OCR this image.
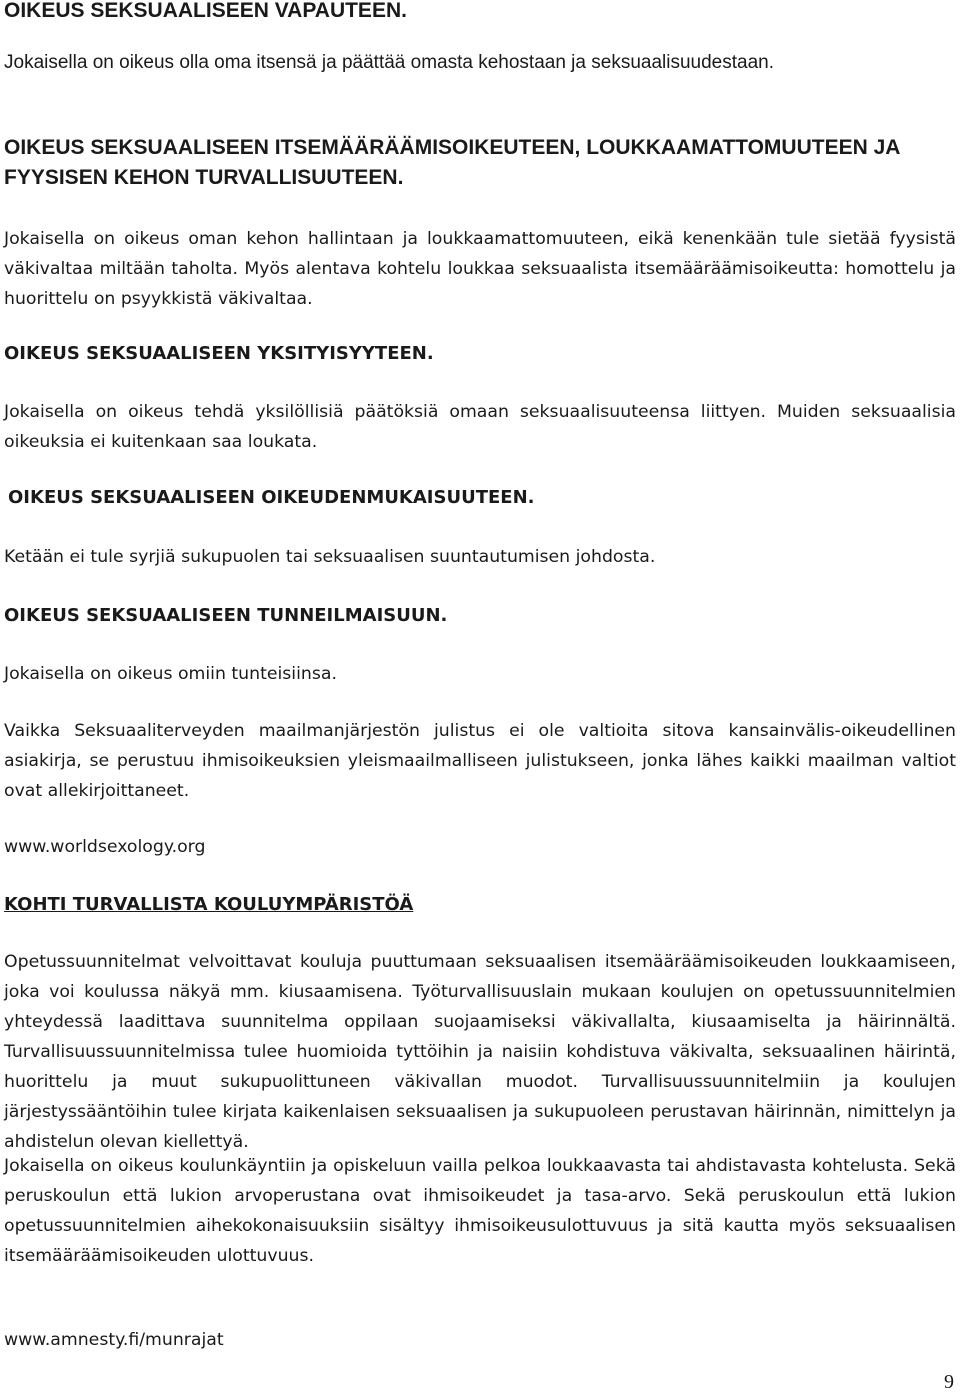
OIKEUS SEKSUAALISEEN VAPAUTEEN.

Jokaisella on oikeus olla oma itsensä ja päättää omasta kehostaan ja seksuaalisuudestaan.

OIKEUS SEKSUAALISEEN ITSEMÄÄRÄÄMISOIKEUTEEN, LOUKKAAMATTOMUUTEEN JA FYYSISEN KEHON TURVALLISUUTEEN.

Jokaisella on oikeus oman kehon hallintaan ja loukkaamattomuuteen, eikä kenenkään tule sietää fyysistä väkivaltaa miltään taholta. Myös alentava kohtelu loukkaa seksuaalista itsemääräämisoikeutta: homottelu ja huorittelu on psyykkistä väkivaltaa.

OIKEUS SEKSUAALISEEN YKSITYISYYTEEN.

Jokaisella on oikeus tehdä yksilöllisiä päätöksiä omaan seksuaalisuuteensa liittyen. Muiden seksuaalisia oikeuksia ei kuitenkaan saa loukata.

OIKEUS SEKSUAALISEEN OIKEUDENMUKAISUUTEEN.

Ketään ei tule syrjiä sukupuolen tai seksuaalisen suuntautumisen johdosta.

OIKEUS SEKSUAALISEEN TUNNEILMAISUUN.

Jokaisella on oikeus omiin tunteisiinsa.

Vaikka Seksuaaliterveyden maailmanjärjestön julistus ei ole valtioita sitova kansainvälis-oikeudellinen asiakirja, se perustuu ihmisoikeuksien yleismaailmalliseen julistukseen, jonka lähes kaikki maailman valtiot ovat allekirjoittaneet.

www.worldsexology.org
KOHTI TURVALLISTA KOULUYMPÄRISTÖÄ

Opetussuunnitelmat velvoittavat kouluja puuttumaan seksuaalisen itsemääräämisoikeuden loukkaamiseen, joka voi koulussa näkyä mm. kiusaamisena. Työturvallisuuslain mukaan koulujen on opetussuunnitelmien yhteydessä laadittava suunnitelma oppilaan suojaamiseksi väkivallalta, kiusaamiselta ja häirinnältä. Turvallisuussuunnitelmissa tulee huomioida tyttöihin ja naisiin kohdistuva väkivalta, seksuaalinen häirintä, huorittelu ja muut sukupuolittuneen väkivallan muodot. Turvallisuussuunnitelmiin ja koulujen järjestyssääntöihin tulee kirjata kaikenlaisen seksuaalisen ja sukupuoleen perustavan häirinnän, nimittelyn ja ahdistelun olevan kiellettyä.

Jokaisella on oikeus koulunkäyntiin ja opiskeluun vailla pelkoa loukkaavasta tai ahdistavasta kohtelusta. Sekä peruskoulun että lukion arvoperustana ovat ihmisoikeudet ja tasa-arvo. Sekä peruskoulun että lukion opetussuunnitelmien aihekokonaisuuksiin sisältyy ihmisoikeusulottuvuus ja sitä kautta myös seksuaalisen itsemääräämisoikeuden ulottuvuus.

www.amnesty.fi/munrajat
9
